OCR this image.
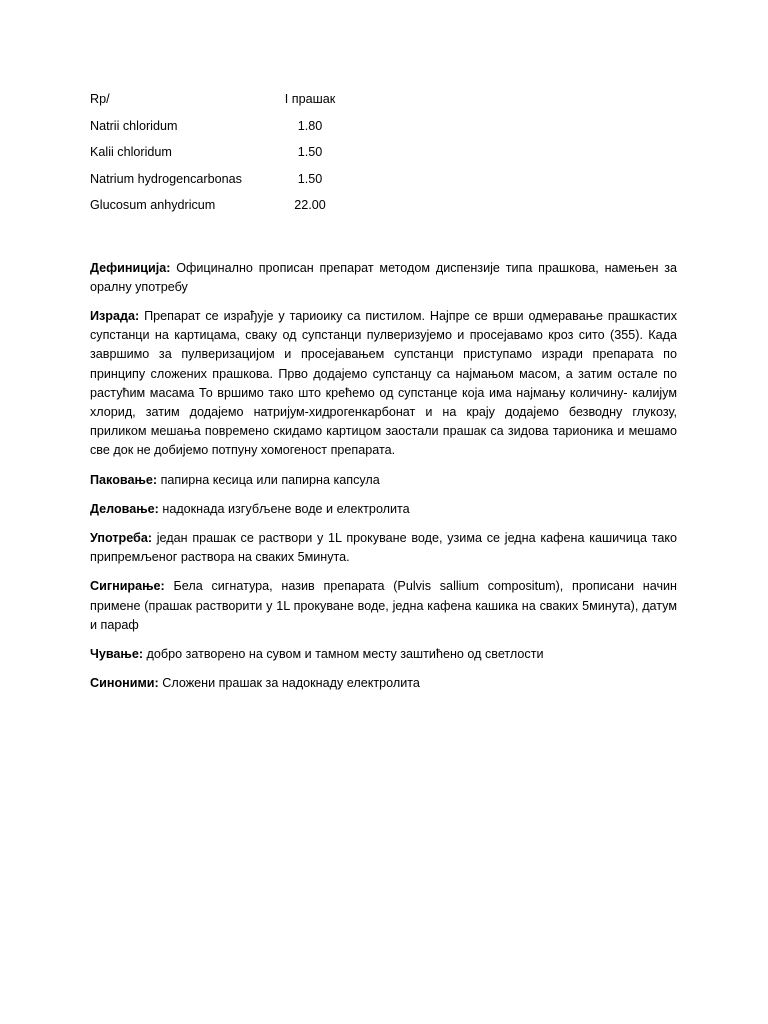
Rp/	I прашак
Natrii chloridum	1.80
Kalii chloridum	1.50
Natrium hydrogencarbonas	1.50
Glucosum anhydricum	22.00

Дефиниција: Официнално прописан препарат методом диспензије типа прашкова, намењен за оралну употребу

Израда: Препарат се израђује у тариоику са пистилом. Најпре се врши одмеравање прашкастих супстанци на картицама, сваку од супстанци пулверизујемо и просејавамо кроз сито (355). Када завршимо за пулверизацијом и просејавањем супстанци приступамо изради препарата по принципу сложених прашкова. Прво додајемо супстанцу са најмањом масом, а затим остале по растућим масама То вршимо тако што крећемо од супстанце која има најмању количину- калијум хлорид, затим додајемо натријум-хидрогенкарбонат и на крају додајемо безводну глукозу, приликом мешања повремено скидамо картицом заостали прашак са зидова тарионика и мешамо све док не добијемо потпуну хомогеност препарата.

Паковање: папирна кесица или папирна капсула

Деловање: надокнада изгубљене воде и електролита

Употреба: један прашак се раствори у 1L прокуване воде, узима се једна кафена кашичица тако припремљеног раствора на сваких 5минута.

Сигнирање: Бела сигнатура, назив препарата (Pulvis sallium compositum), прописани начин примене (прашак растворити у 1L прокуване воде, једна кафена кашика на сваких 5минута), датум и параф

Чување: добро затворено на сувом и тамном месту заштићено од светлости

Синоними: Сложени прашак за надокнаду електролита
